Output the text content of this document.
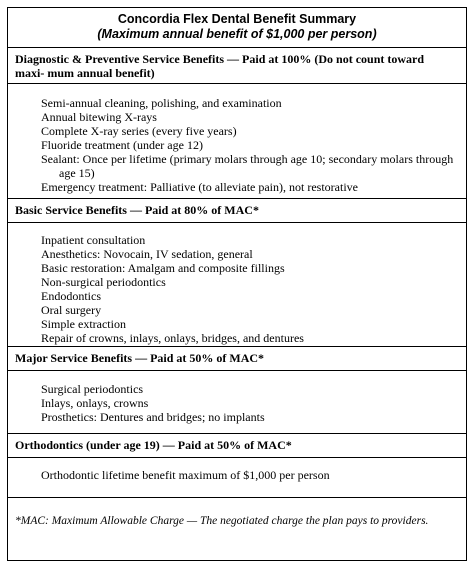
Concordia Flex Dental Benefit Summary
(Maximum annual benefit of $1,000 per person)
Diagnostic & Preventive Service Benefits — Paid at 100% (Do not count toward maxi- mum annual benefit)
Semi-annual cleaning, polishing, and examination
Annual bitewing X-rays
Complete X-ray series (every five years)
Fluoride treatment (under age 12)
Sealant: Once per lifetime (primary molars through age 10; secondary molars through age 15)
Emergency treatment: Palliative (to alleviate pain), not restorative
Basic Service Benefits — Paid at 80% of MAC*
Inpatient consultation
Anesthetics: Novocain, IV sedation, general
Basic restoration: Amalgam and composite fillings
Non-surgical periodontics
Endodontics
Oral surgery
Simple extraction
Repair of crowns, inlays, onlays, bridges, and dentures
Major Service Benefits — Paid at 50% of MAC*
Surgical periodontics
Inlays, onlays, crowns
Prosthetics: Dentures and bridges; no implants
Orthodontics (under age 19) — Paid at 50% of MAC*
Orthodontic lifetime benefit maximum of $1,000 per person
*MAC: Maximum Allowable Charge — The negotiated charge the plan pays to providers.
